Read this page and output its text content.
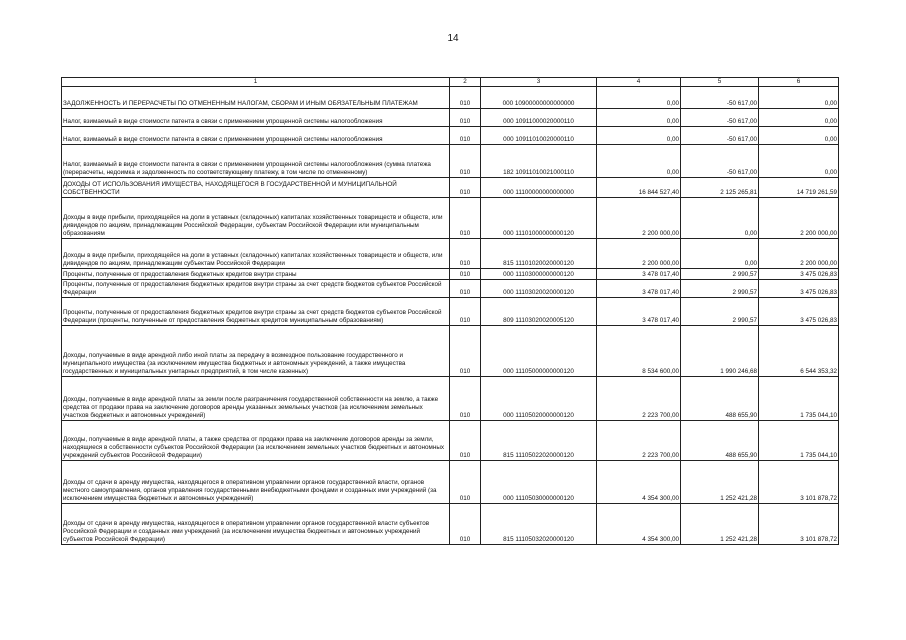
14
1	2	3	4	5	6
ЗАДОЛЖЕННОСТЬ И ПЕРЕРАСЧЕТЫ ПО ОТМЕНЕННЫМ НАЛОГАМ, СБОРАМ И ИНЫМ ОБЯЗАТЕЛЬНЫМ ПЛАТЕЖАМ	010	000 10900000000000000	0,00	-50 617,00	0,00
Налог, взимаемый в виде стоимости патента в связи с применением упрощенной системы налогообложения	010	000 10911000020000110	0,00	-50 617,00	0,00
Налог, взимаемый в виде стоимости патента в связи с применением упрощенной системы налогообложения	010	000 10911010020000110	0,00	-50 617,00	0,00
Налог, взимаемый в виде стоимости патента в связи с применением упрощенной системы налогообложения (сумма платежа (перерасчеты, недоимка и задолженность по соответствующему платежу, в том числе по отмененному)	010	182 10911010021000110	0,00	-50 617,00	0,00
ДОХОДЫ ОТ ИСПОЛЬЗОВАНИЯ ИМУЩЕСТВА, НАХОДЯЩЕГОСЯ В ГОСУДАРСТВЕННОЙ И МУНИЦИПАЛЬНОЙ СОБСТВЕННОСТИ	010	000 11100000000000000	16 844 527,40	2 125 265,81	14 719 261,59
Доходы в виде прибыли, приходящейся на доли в уставных (складочных) капиталах хозяйственных товариществ и обществ, или дивидендов по акциям, принадлежащим Российской Федерации, субъектам Российской Федерации или муниципальным образованиям	010	000 11101000000000120	2 200 000,00	0,00	2 200 000,00
Доходы в виде прибыли, приходящейся на доли в уставных (складочных) капиталах хозяйственных товариществ и обществ, или дивидендов по акциям, принадлежащим субъектам Российской Федерации	010	815 11101020020000120	2 200 000,00	0,00	2 200 000,00
Проценты, полученные от предоставления бюджетных кредитов внутри страны	010	000 11103000000000120	3 478 017,40	2 990,57	3 475 026,83
Проценты, полученные от предоставления бюджетных кредитов внутри страны за счет средств бюджетов субъектов Российской Федерации	010	000 11103020020000120	3 478 017,40	2 990,57	3 475 026,83
Проценты, полученные от предоставления бюджетных кредитов внутри страны за счет средств бюджетов субъектов Российской Федерации (проценты, полученные от предоставления бюджетных кредитов муниципальным образованиям)	010	809 11103020020005120	3 478 017,40	2 990,57	3 475 026,83
Доходы, получаемые в виде арендной либо иной платы за передачу в возмездное пользование государственного и муниципального имущества (за исключением имущества бюджетных и автономных учреждений, а также имущества государственных и муниципальных унитарных предприятий, в том числе казенных)	010	000 11105000000000120	8 534 600,00	1 990 246,68	6 544 353,32
Доходы, получаемые в виде арендной платы за земли после разграничения государственной собственности на землю, а также средства от продажи права на заключение договоров аренды указанных земельных участков (за исключением земельных участков бюджетных и автономных учреждений)	010	000 11105020000000120	2 223 700,00	488 655,90	1 735 044,10
Доходы, получаемые в виде арендной платы, а также средства от продажи права на заключение договоров аренды за земли, находящиеся в собственности субъектов Российской Федерации (за исключением земельных участков бюджетных и автономных учреждений субъектов Российской Федерации)	010	815 11105022020000120	2 223 700,00	488 655,90	1 735 044,10
Доходы от сдачи в аренду имущества, находящегося в оперативном управлении органов государственной власти, органов местного самоуправления, органов управления государственными внебюджетными фондами и созданных ими учреждений (за исключением имущества бюджетных и автономных учреждений)	010	000 11105030000000120	4 354 300,00	1 252 421,28	3 101 878,72
Доходы от сдачи в аренду имущества, находящегося в оперативном управлении органов государственной власти субъектов Российской Федерации и созданных ими учреждений (за исключением имущества бюджетных и автономных учреждений субъектов Российской Федерации)	010	815 11105032020000120	4 354 300,00	1 252 421,28	3 101 878,72
